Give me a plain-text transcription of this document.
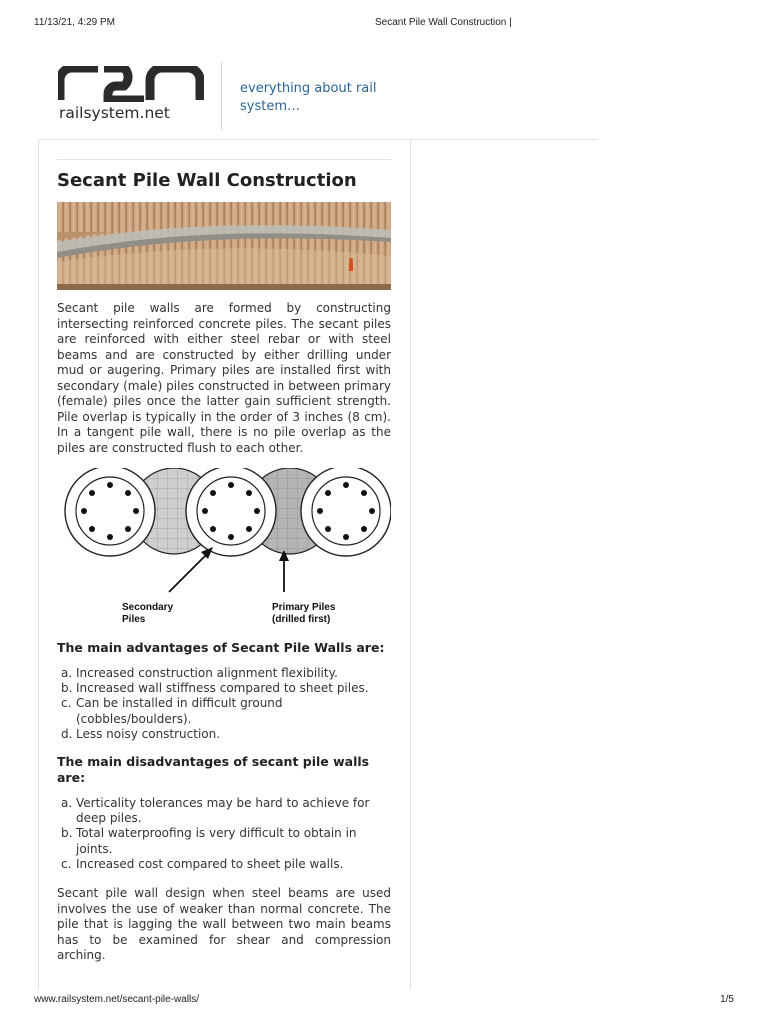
11/13/21, 4:29 PM	Secant Pile Wall Construction |
railsystem.net
everything about rail system…
Secant Pile Wall Construction

Secant pile walls are formed by constructing intersecting reinforced concrete piles. The secant piles are reinforced with either steel rebar or with steel beams and are constructed by either drilling under mud or augering. Primary piles are installed first with secondary (male) piles constructed in between primary (female) piles once the latter gain sufficient strength. Pile overlap is typically in the order of 3 inches (8 cm). In a tangent pile wall, there is no pile overlap as the piles are constructed flush to each other.

Secondary
Piles
Primary Piles
(drilled first)
The main advantages of Secant Pile Walls are:
a. Increased construction alignment flexibility.
b. Increased wall stiffness compared to sheet piles.
c. Can be installed in difficult ground (cobbles/boulders).
d. Less noisy construction.
The main disadvantages of secant pile walls are:
a. Verticality tolerances may be hard to achieve for deep piles.
b. Total waterproofing is very difficult to obtain in joints.
c. Increased cost compared to sheet pile walls.

Secant pile wall design when steel beams are used involves the use of weaker than normal concrete. The pile that is lagging the wall between two main beams has to be examined for shear and compression arching.

www.railsystem.net/secant-pile-walls/	1/5
